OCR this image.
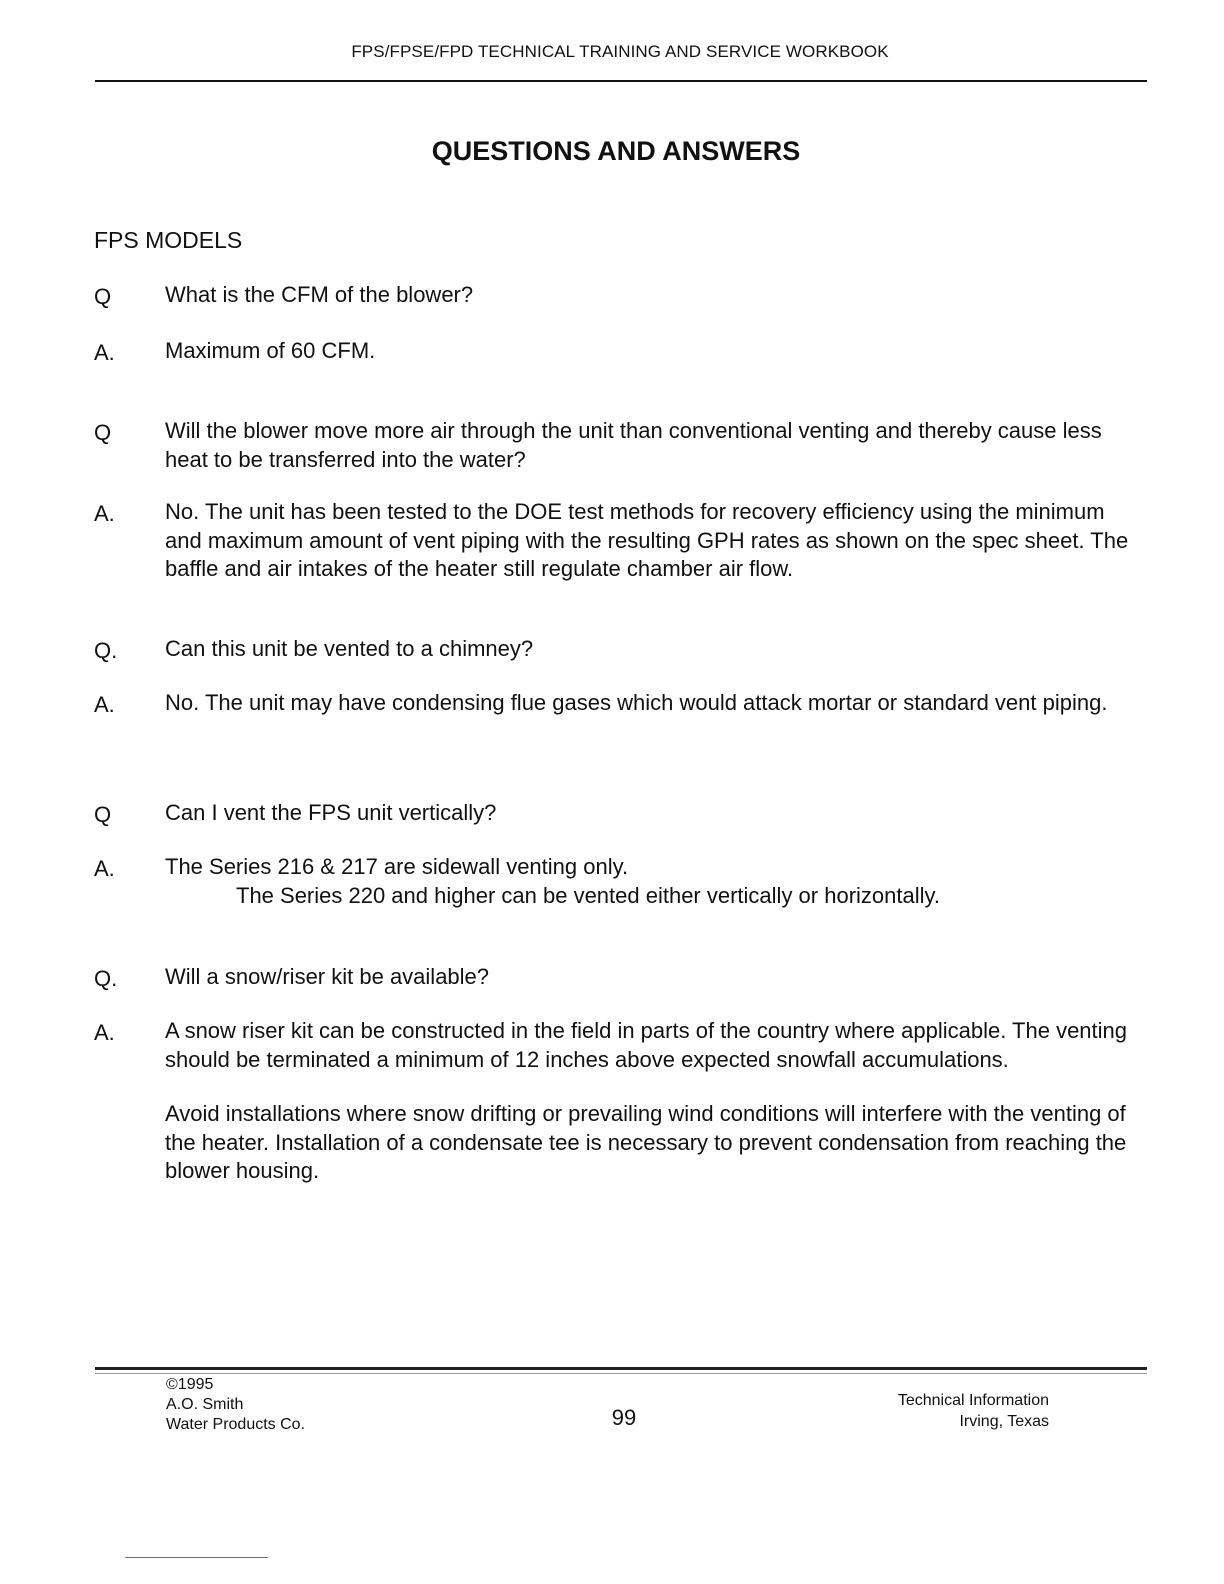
FPS/FPSE/FPD TECHNICAL TRAINING AND SERVICE WORKBOOK
QUESTIONS AND ANSWERS
FPS MODELS
Q What is the CFM of the blower?
A. Maximum of 60 CFM.
Q Will the blower move more air through the unit than conventional venting and thereby cause less heat to be transferred into the water?
A. No. The unit has been tested to the DOE test methods for recovery efficiency using the minimum and maximum amount of vent piping with the resulting GPH rates as shown on the spec sheet. The baffle and air intakes of the heater still regulate chamber air flow.
Q. Can this unit be vented to a chimney?
A. No. The unit may have condensing flue gases which would attack mortar or standard vent piping.
Q Can I vent the FPS unit vertically?
A. The Series 216 & 217 are sidewall venting only.
The Series 220 and higher can be vented either vertically or horizontally.
Q. Will a snow/riser kit be available?
A. A snow riser kit can be constructed in the field in parts of the country where applicable. The venting should be terminated a minimum of 12 inches above expected snowfall accumulations.
Avoid installations where snow drifting or prevailing wind conditions will interfere with the venting of the heater. Installation of a condensate tee is necessary to prevent condensation from reaching the blower housing.
©1995
A.O. Smith
Water Products Co.	99
Technical Information
Irving, Texas
